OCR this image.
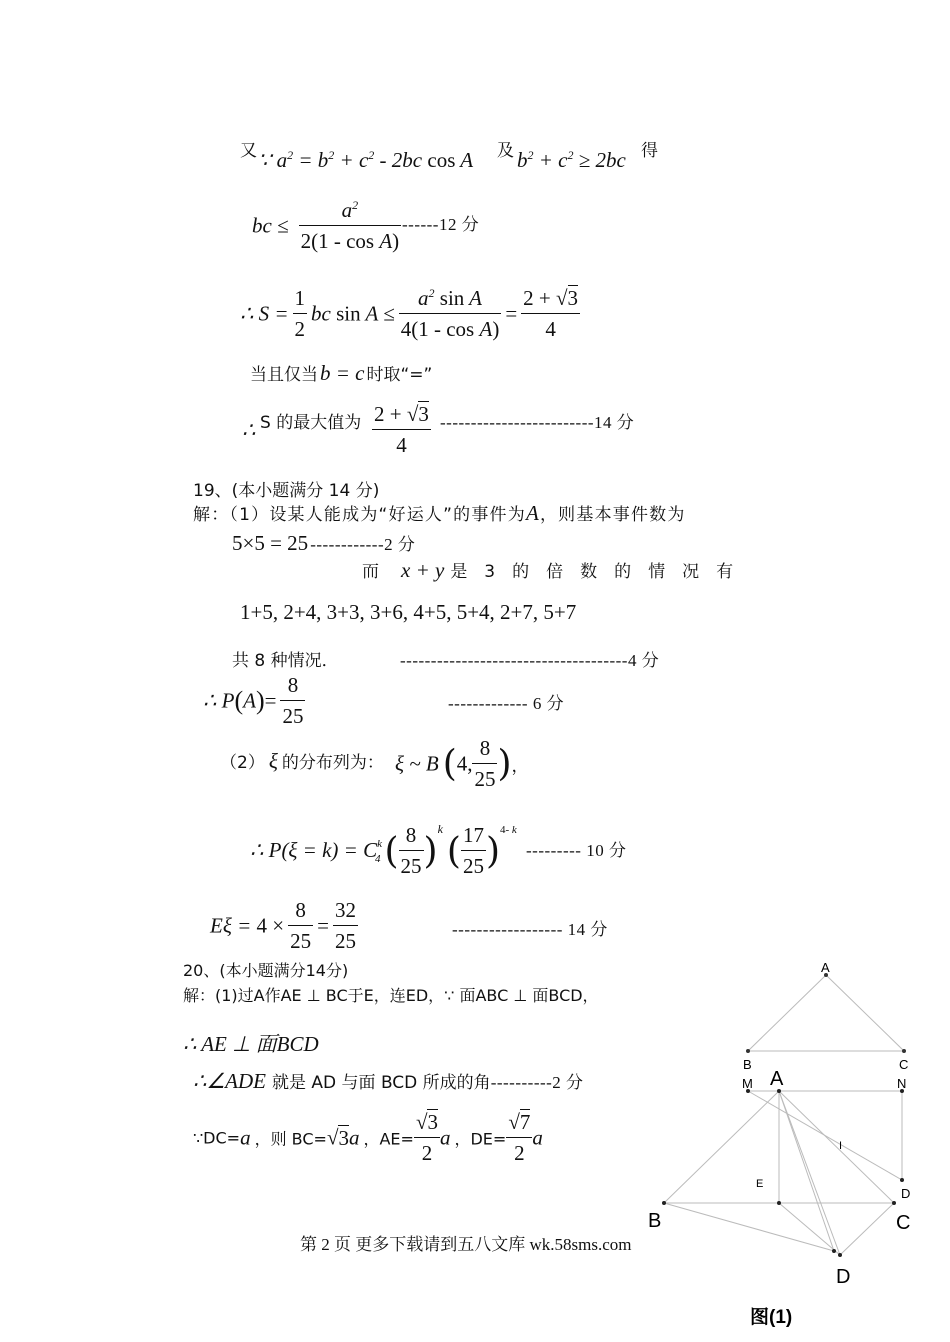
又 ∵ $a^2 = b^2 + c^2 - 2bc$ cos A 及 $b^2 + c^2 \ge 2bc$ 得
bc ≤ $\frac{a^2}{\text{2(1 - cos A)}} ------12$ 分
∴ $S = \frac{1}{2}$ bc $\sin A \le \frac{a^2 \sin A}{\text{4(1 - cos A)}} = \frac{2 + √3}{4}$
当且仅当b = c 时取“=”
∴ S 的最大值为 $\frac{2 + √3}{4} -------------------------14$ 分
19、(本小题满分 14 分)
解：（1）设某人能成为“好运人”的事件为A，则基本事件数为
5×5 = 25 ------------2 分
而 x + y 是　3　的　倍　数　的　情　况　有
1+5, 2+4, 3+3, 3+6, 4+5, 5+4, 2+7, 5+7
共 8 种情况．	-------------------------------------4 分
∴ $P(A)= \frac{8}{25}$	------------- 6 分
（2） ξ 的分布列为： ξ ~ B (4, $\frac{8}{25}$ )，
∴ $P(\xi = k) = C^k_4$ ( $\frac{8}{25} )^k$ ( $\frac{17}{25} )^{4- k}$
--------- 10 分
$E\xi = 4 \times \frac{8}{25} = \frac{32}{25}$	------------------ 14 分
20、(本小题满分14分)
解：(1)过A作AE ⊥ BC于E，连ED，∵ 面ABC ⊥ 面BCD，
∴ AE ⊥ 面BCD
∴∠ADE 就是 AD 与面 BCD 所成的角----------2 分
∵DC=a ，则 BC=√3a ，$AE= \frac{√3}{2}$ a ，$DE= \frac{√7}{2}$ a
A
B	C
M A	N
I
E
D
B	C
D
图(1)
第 2 页 更多下载请到五八文库 wk.58sms.com
